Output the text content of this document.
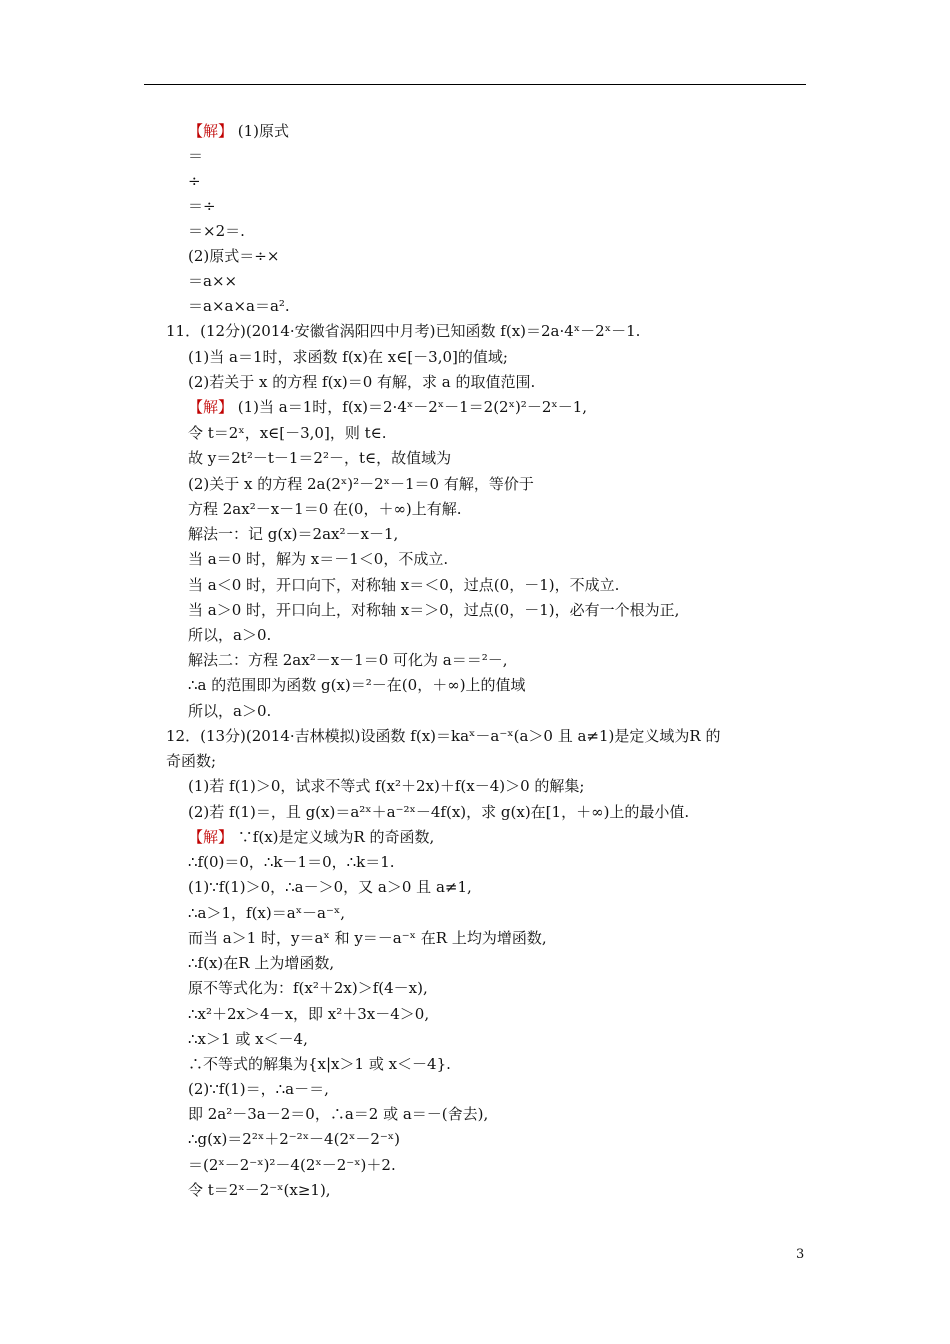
【解】 (1)原式
＝
÷
＝÷
＝×2＝.
(2)原式＝÷×
＝a××
＝a×a×a＝a².
11．(12分)(2014·安徽省涡阳四中月考)已知函数 f(x)＝2a·4ˣ－2ˣ－1.
(1)当 a＝1时，求函数 f(x)在 x∈[－3,0]的值域;
(2)若关于 x 的方程 f(x)＝0 有解，求 a 的取值范围.
【解】 (1)当 a＝1时，f(x)＝2·4ˣ－2ˣ－1＝2(2ˣ)²－2ˣ－1,
令 t＝2ˣ，x∈[－3,0]，则 t∈.
故 y＝2t²－t－1＝2²－，t∈，故值域为
(2)关于 x 的方程 2a(2ˣ)²－2ˣ－1＝0 有解，等价于
方程 2ax²－x－1＝0 在(0，＋∞)上有解.
解法一：记 g(x)＝2ax²－x－1,
当 a＝0 时，解为 x＝－1＜0，不成立.
当 a＜0 时，开口向下，对称轴 x＝＜0，过点(0，－1)，不成立.
当 a＞0 时，开口向上，对称轴 x＝＞0，过点(0，－1)，必有一个根为正,
所以，a＞0.
解法二：方程 2ax²－x－1＝0 可化为 a＝＝²－,
∴a 的范围即为函数 g(x)＝²－在(0，＋∞)上的值域
所以，a＞0.
12．(13分)(2014·吉林模拟)设函数 f(x)＝kaˣ－a⁻ˣ(a＞0 且 a≠1)是定义域为R 的
奇函数;
(1)若 f(1)＞0，试求不等式 f(x²＋2x)＋f(x－4)＞0 的解集;
(2)若 f(1)＝，且 g(x)＝a²ˣ＋a⁻²ˣ－4f(x)，求 g(x)在[1，＋∞)上的最小值.
【解】 ∵f(x)是定义域为R 的奇函数,
∴f(0)＝0，∴k－1＝0，∴k＝1.
(1)∵f(1)＞0，∴a－＞0，又 a＞0 且 a≠1,
∴a＞1，f(x)＝aˣ－a⁻ˣ,
而当 a＞1 时，y＝aˣ 和 y＝－a⁻ˣ 在R 上均为增函数,
∴f(x)在R 上为增函数,
原不等式化为：f(x²＋2x)＞f(4－x),
∴x²＋2x＞4－x，即 x²＋3x－4＞0,
∴x＞1 或 x＜－4,
∴不等式的解集为{x|x＞1 或 x＜－4}.
(2)∵f(1)＝，∴a－＝,
即 2a²－3a－2＝0，∴a＝2 或 a＝－(舍去),
∴g(x)＝2²ˣ＋2⁻²ˣ－4(2ˣ－2⁻ˣ)
＝(2ˣ－2⁻ˣ)²－4(2ˣ－2⁻ˣ)＋2.
令 t＝2ˣ－2⁻ˣ(x≥1),
3
